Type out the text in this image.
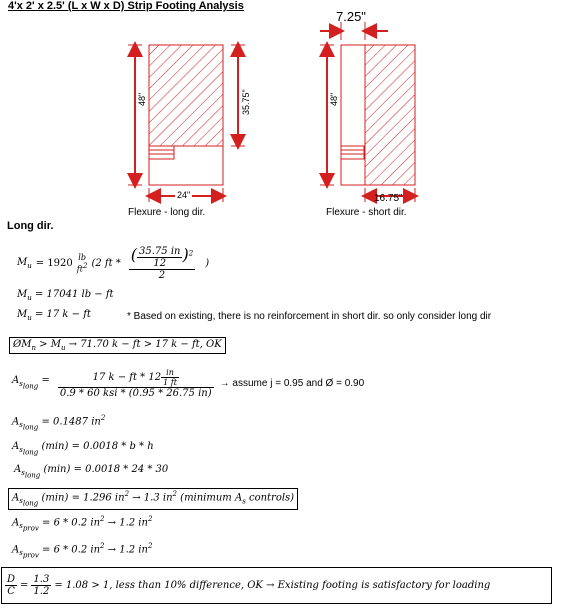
4'x 2' x 2.5' (L x W x D) Strip Footing Analysis
24"
48"	35.75"
Flexure - long dir.
7.25"
48"
16.75"
Flexure - short dir.
Long dir.
$M_u = 1920$
lb
$ft^2$ (2 ft * $\frac{( \frac{35.75 in}{12} )^2}{2}$ )
$M_u = 17041$ lb − ft
$M_u = 17$ k − ft	* Based on existing, there is no reinforcement in short dir. so only consider long dir
$ØM_n > M_u \to 71.70$ k − ft > 17 k − ft, OK
$A_{s_{long}} = \frac{17 k - ft * 12 \frac{in}{1 ft}}{\text{0.9 * 60 ksi * (0.95 * 26.75 in)}}$ → assume j = 0.95 and Ø = 0.90
$A_{s_{long}} = 0.1487$ $in^2$
$A_{s_{long}}$ (min) = 0.0018 * b * h
$A_{s_{long}}$ (min) = 0.0018 * 24 * 30
$A_{s_{long}}$ (min) = 1.296 $in^2 \to 1.3$ $in^2$ (minimum $A_s$ controls)
$A_{s_{prov}} = 6 * 0.2$ $in^2 \to 1.2$ $in^2$
$A_{s_{prov}} = 6 * 0.2$ $in^2 \to 1.2$ $in^2$
$\frac{D}{C} = \frac{1.3}{1.2} = 1.08 > 1$, less than 10% difference, OK → Existing footing is satisfactory for loading
